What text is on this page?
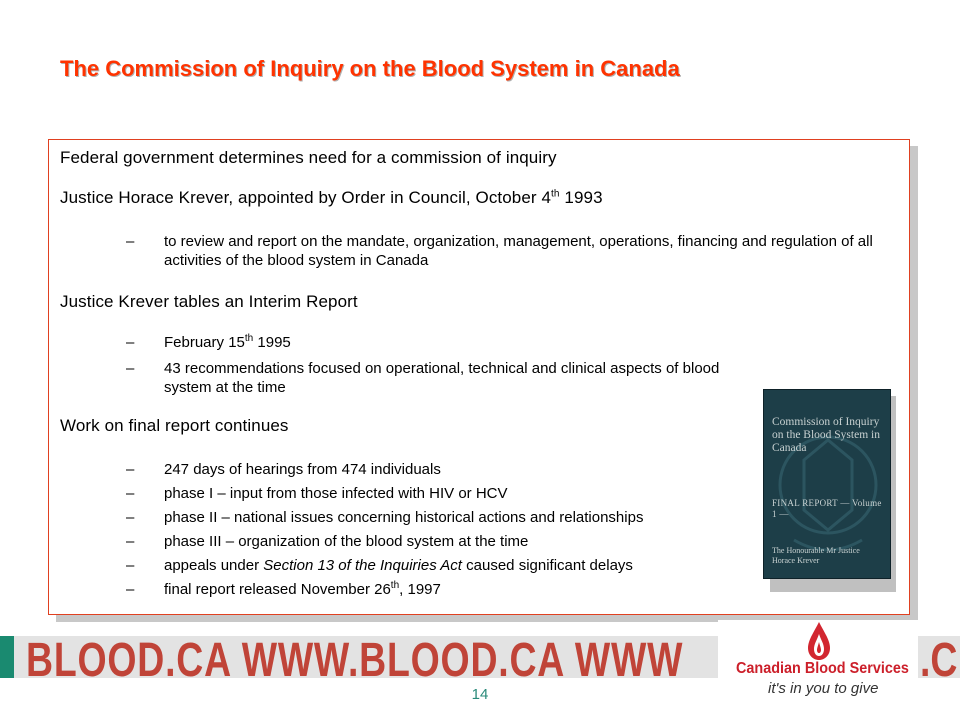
The Commission of Inquiry on the Blood System in Canada
Federal government determines need for a commission of inquiry
Justice Horace Krever, appointed by Order in Council, October 4th 1993
– to review and report on the mandate, organization, management, operations, financing and regulation of all activities of the blood system in Canada
Justice Krever tables an Interim Report
– February 15th 1995
– 43 recommendations focused on operational, technical and clinical aspects of blood system at the time
Work on final report continues
– 247 days of hearings from 474 individuals
– phase I – input from those infected with HIV or HCV
– phase II – national issues concerning historical actions and relationships
– phase III – organization of the blood system at the time
– appeals under Section 13 of the Inquiries Act caused significant delays
– final report released November 26th, 1997
Commission of Inquiry on the Blood System in Canada
FINAL REPORT — Volume 1 —
The Honourable Mr Justice Horace Krever
BLOOD.CA WWW.BLOOD.CA WWW	.C
Canadian Blood Services
it's in you to give
14
